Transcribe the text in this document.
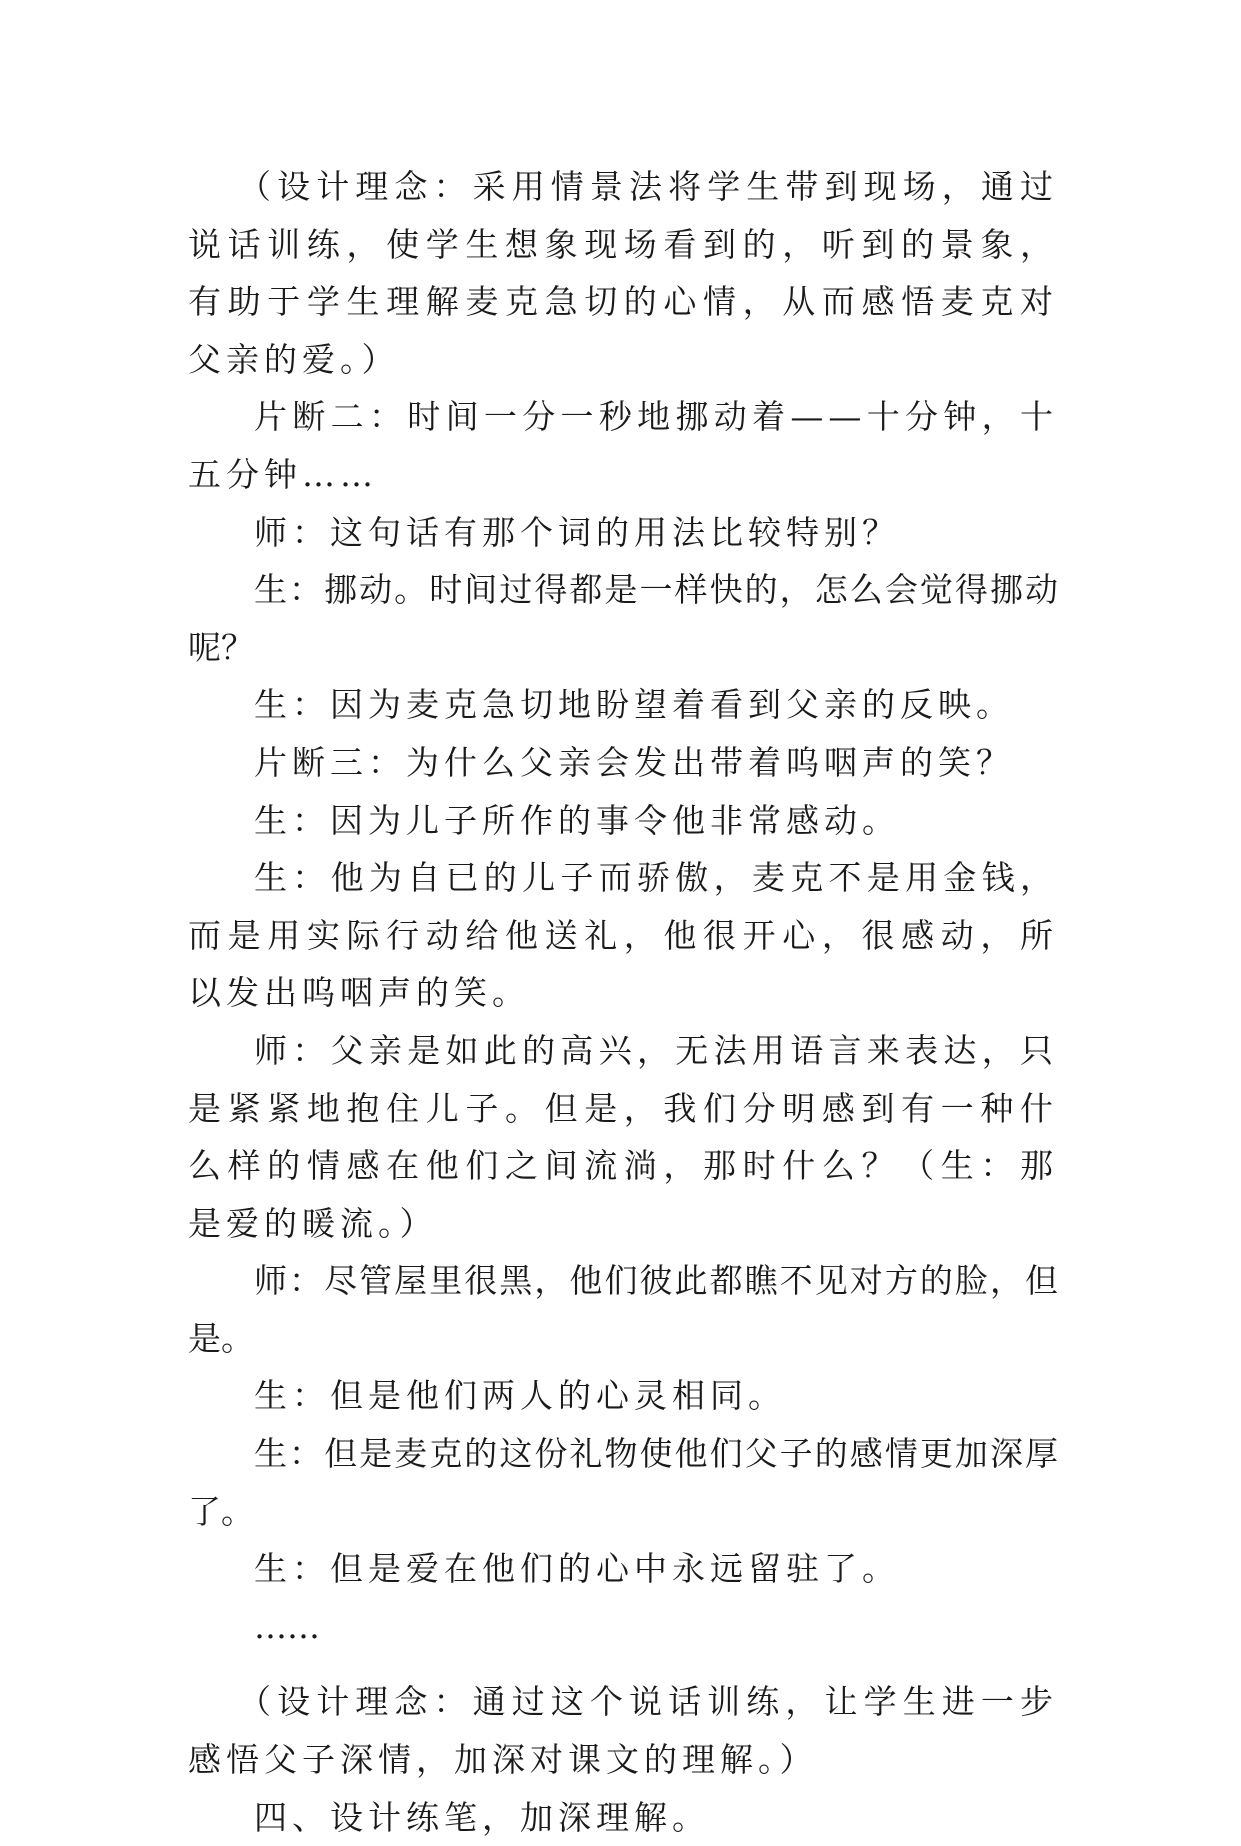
（设计理念：采用情景法将学生带到现场，通过说话训练，使学生想象现场看到的，听到的景象，有助于学生理解麦克急切的心情，从而感悟麦克对父亲的爱。）

片断二：时间一分一秒地挪动着——十分钟，十五分钟……

师：这句话有那个词的用法比较特别？

生：挪动。时间过得都是一样快的，怎么会觉得挪动呢？

生：因为麦克急切地盼望着看到父亲的反映。

片断三：为什么父亲会发出带着呜咽声的笑？

生：因为儿子所作的事令他非常感动。

生：他为自已的儿子而骄傲，麦克不是用金钱，而是用实际行动给他送礼，他很开心，很感动，所以发出呜咽声的笑。

师：父亲是如此的高兴，无法用语言来表达，只是紧紧地抱住儿子。但是，我们分明感到有一种什么样的情感在他们之间流淌，那时什么？（生：那是爱的暖流。）

师：尽管屋里很黑，他们彼此都瞧不见对方的脸，但是。

生：但是他们两人的心灵相同。

生：但是麦克的这份礼物使他们父子的感情更加深厚了。

生：但是爱在他们的心中永远留驻了。

……

（设计理念：通过这个说话训练，让学生进一步感悟父子深情，加深对课文的理解。）

四、设计练笔，加深理解。
